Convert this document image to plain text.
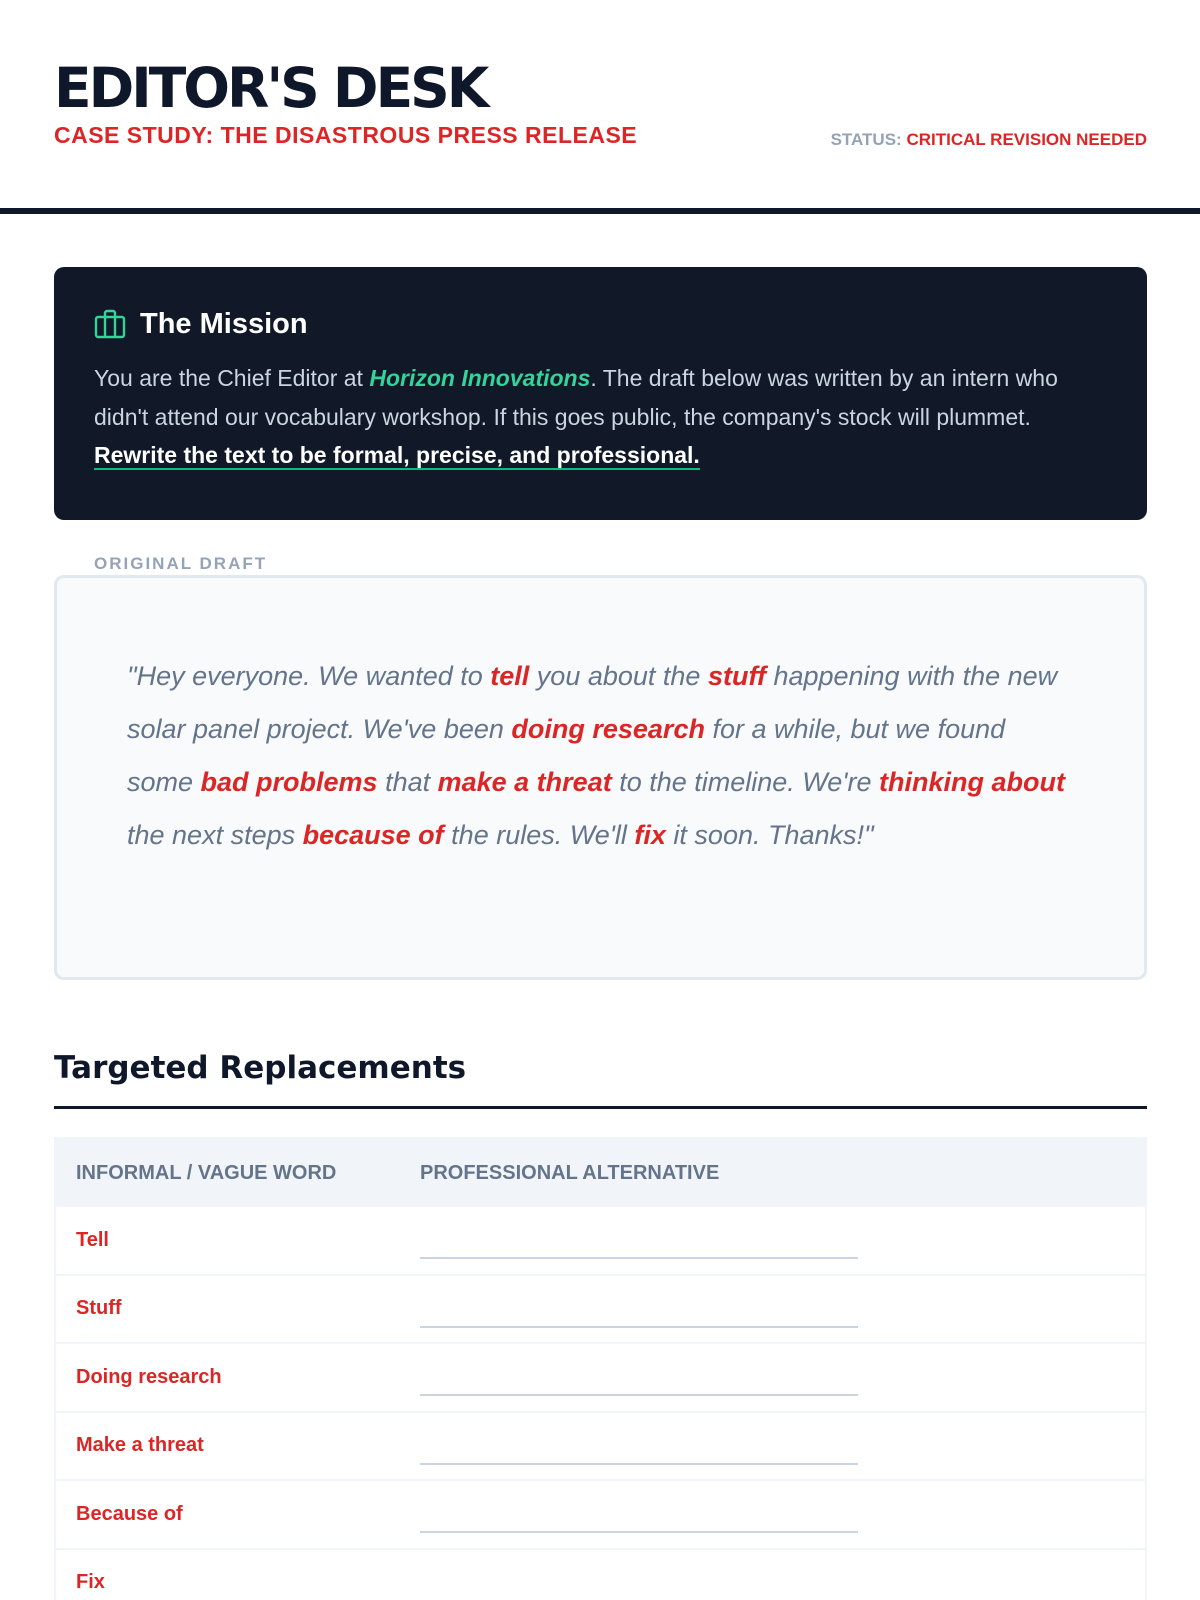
EDITOR'S DESK
CASE STUDY: THE DISASTROUS PRESS RELEASE	STATUS: CRITICAL REVISION NEEDED
The Mission

You are the Chief Editor at Horizon Innovations. The draft below was written by an intern who didn't attend our vocabulary workshop. If this goes public, the company's stock will plummet. Rewrite the text to be formal, precise, and professional.

ORIGINAL DRAFT

"Hey everyone. We wanted to tell you about the stuff happening with the new solar panel project. We've been doing research for a while, but we found some bad problems that make a threat to the timeline. We're thinking about the next steps because of the rules. We'll fix it soon. Thanks!"

Targeted Replacements
INFORMAL / VAGUE WORD	PROFESSIONAL ALTERNATIVE
Tell
Stuff
Doing research
Make a threat
Because of
Fix
